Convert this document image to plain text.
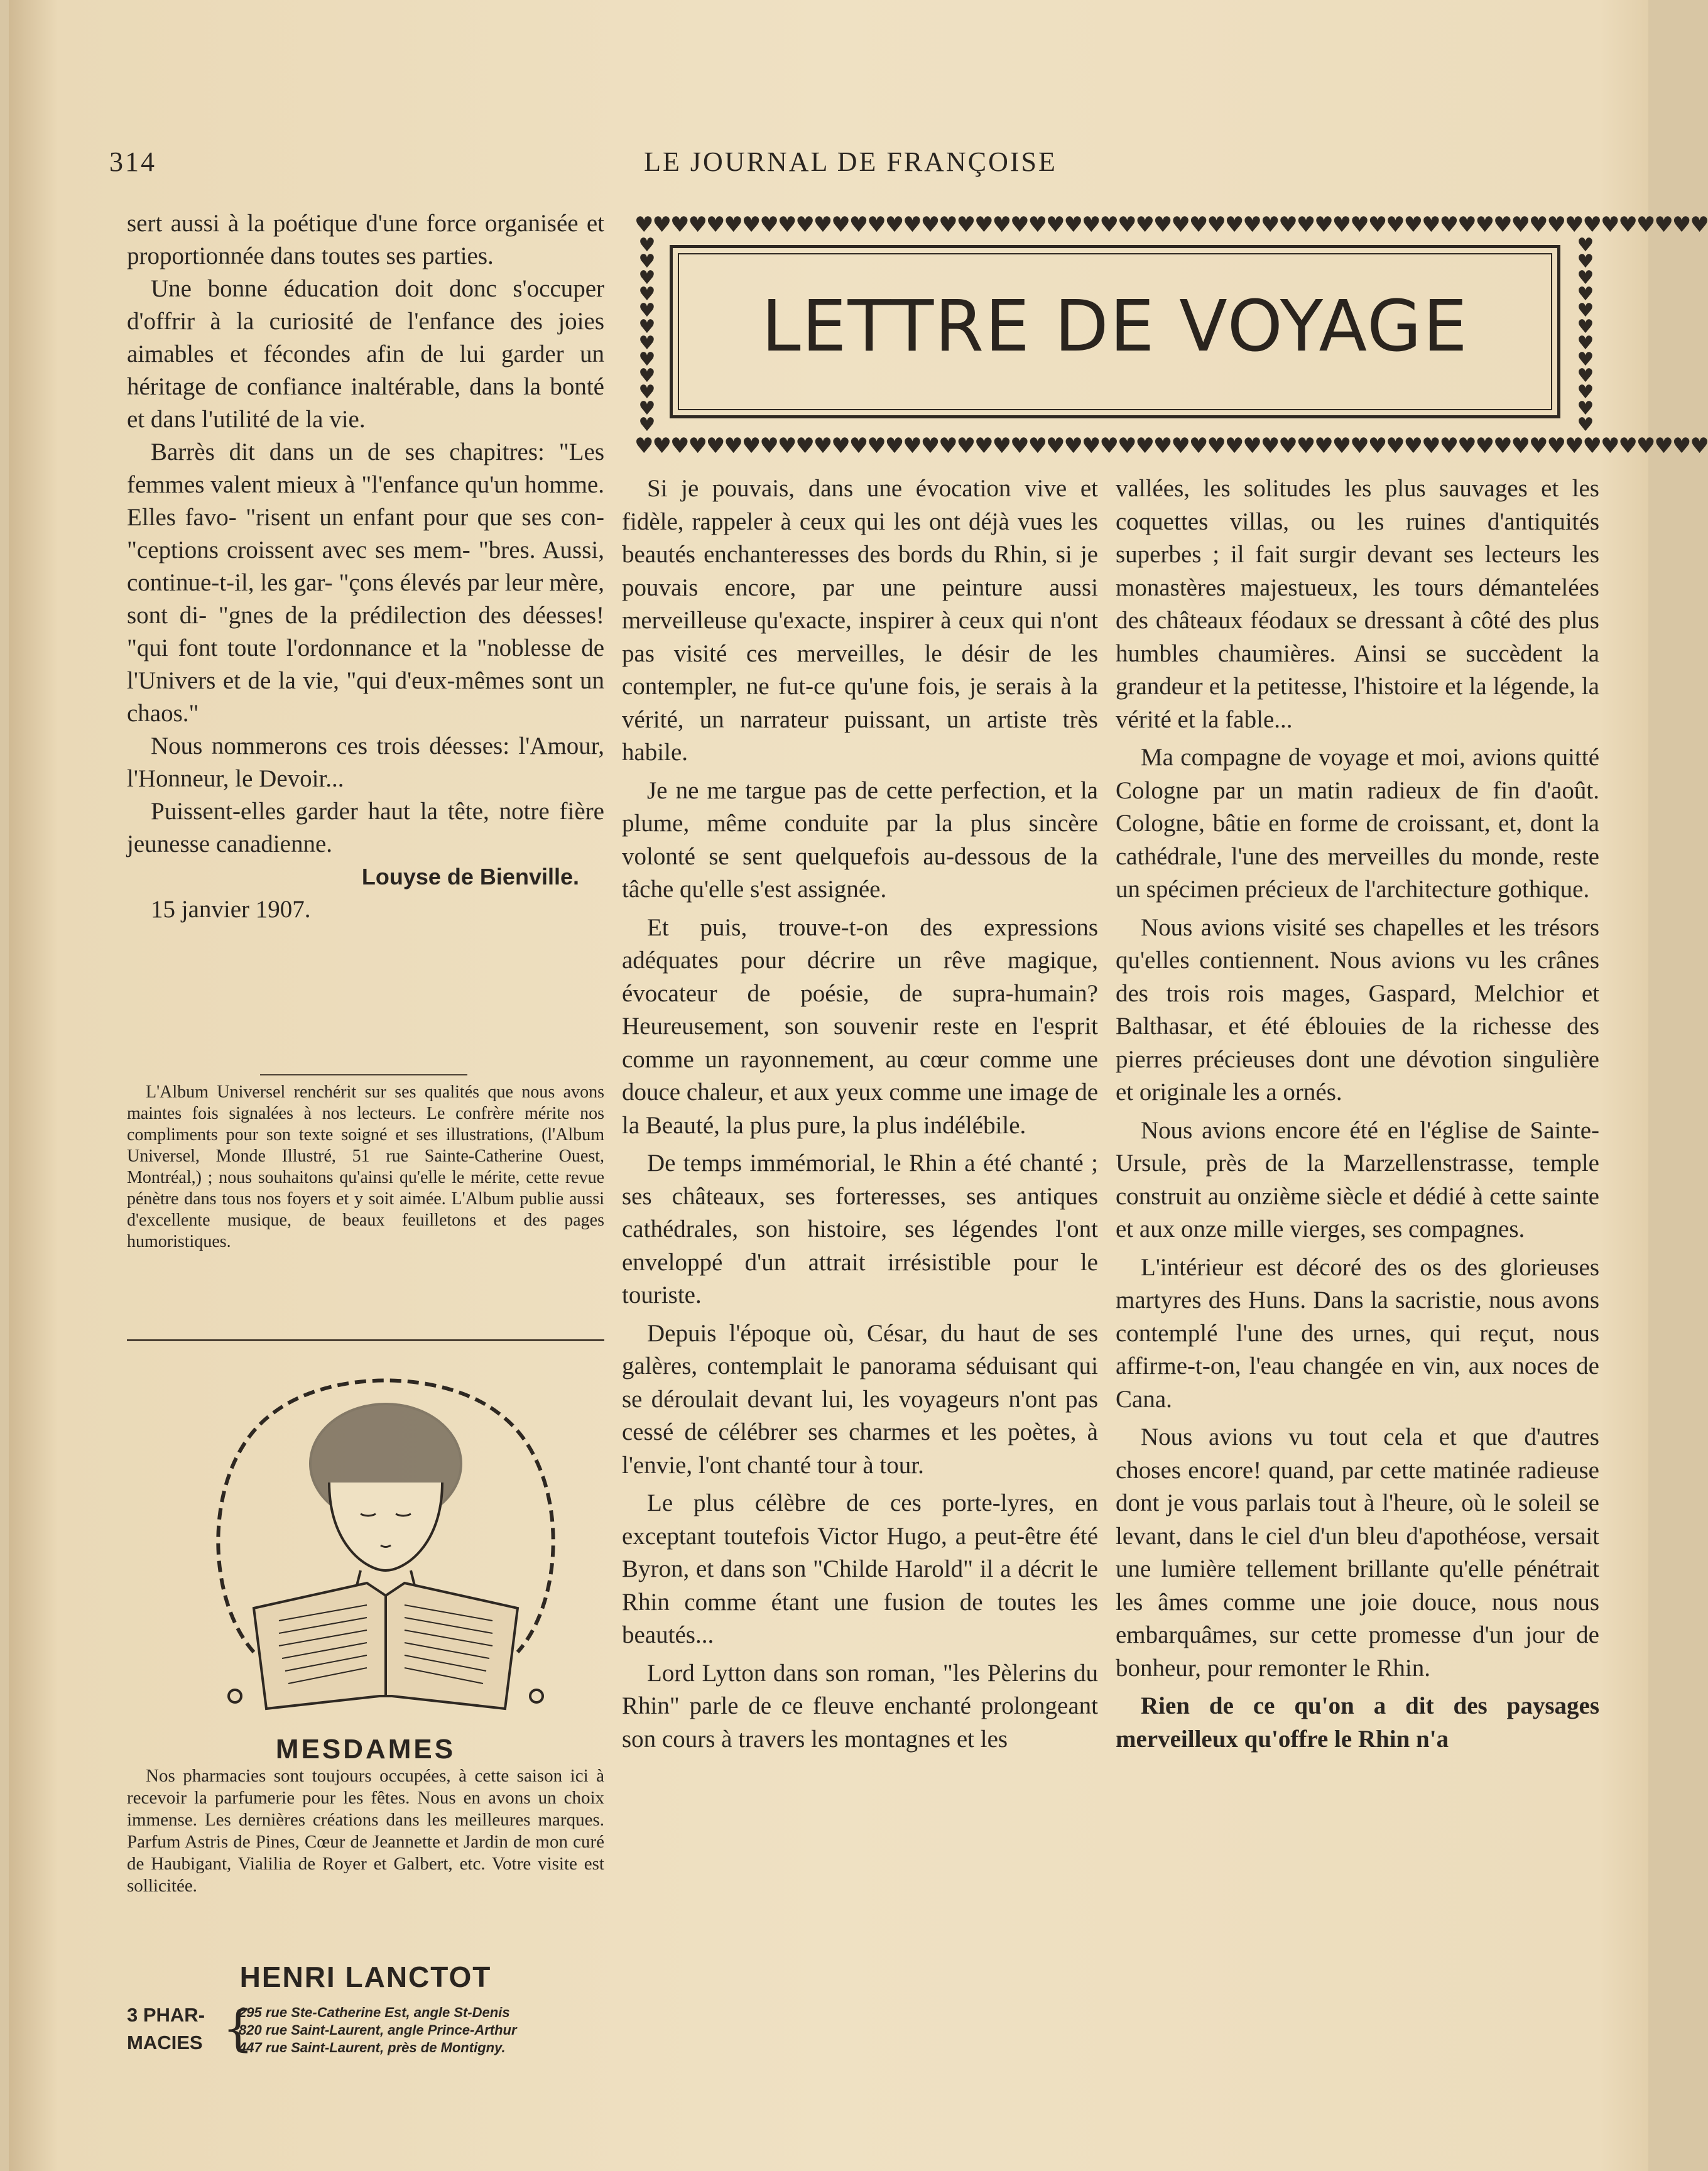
314	LE JOURNAL DE FRANÇOISE

sert aussi à la poétique d'une force organisée et proportionnée dans toutes ses parties.

Une bonne éducation doit donc s'occuper d'offrir à la curiosité de l'enfance des joies aimables et fécondes afin de lui garder un héritage de confiance inaltérable, dans la bonté et dans l'utilité de la vie.

Barrès dit dans un de ses chapitres: "Les femmes valent mieux à "l'enfance qu'un homme. Elles favo- "risent un enfant pour que ses con- "ceptions croissent avec ses mem- "bres. Aussi, continue-t-il, les gar- "çons élevés par leur mère, sont di- "gnes de la prédilection des déesses! "qui font toute l'ordonnance et la "noblesse de l'Univers et de la vie, "qui d'eux-mêmes sont un chaos."

Nous nommerons ces trois déesses: l'Amour, l'Honneur, le Devoir...

Puissent-elles garder haut la tête, notre fière jeunesse canadienne.

Louyse de Bienville.

15 janvier 1907.

L'Album Universel renchérit sur ses qualités que nous avons maintes fois signalées à nos lecteurs. Le confrère mérite nos compliments pour son texte soigné et ses illustrations, (l'Album Universel, Monde Illustré, 51 rue Sainte-Catherine Ouest, Montréal,) ; nous souhaitons qu'ainsi qu'elle le mérite, cette revue pénètre dans tous nos foyers et y soit aimée. L'Album publie aussi d'excellente musique, de beaux feuilletons et des pages humoristiques.

MESDAMES

Nos pharmacies sont toujours occupées, à cette saison ici à recevoir la parfumerie pour les fêtes. Nous en avons un choix immense. Les dernières créations dans les meilleures marques. Parfum Astris de Pines, Cœur de Jeannette et Jardin de mon curé de Haubigant, Vialilia de Royer et Galbert, etc. Votre visite est sollicitée.

HENRI LANCTOT
3 PHAR-
MACIES {
295 rue Ste-Catherine Est, angle St-Denis
820 rue Saint-Laurent, angle Prince-Arthur
447 rue Saint-Laurent, près de Montigny.
♥♥♥♥♥♥♥♥♥♥♥♥♥♥♥♥♥♥♥♥♥♥♥♥♥♥♥♥♥♥♥♥♥♥♥♥♥♥♥♥♥♥♥♥♥♥♥♥♥♥♥♥♥♥♥♥♥♥♥♥
♥
♥
♥
♥
♥
♥
♥
♥
♥
♥
♥
♥
♥
♥
♥
♥
♥
♥
♥
♥
♥
♥
♥
♥
♥♥♥♥♥♥♥♥♥♥♥♥♥♥♥♥♥♥♥♥♥♥♥♥♥♥♥♥♥♥♥♥♥♥♥♥♥♥♥♥♥♥♥♥♥♥♥♥♥♥♥♥♥♥♥♥♥♥♥♥
LETTRE DE VOYAGE

Si je pouvais, dans une évocation vive et fidèle, rappeler à ceux qui les ont déjà vues les beautés enchanteresses des bords du Rhin, si je pouvais encore, par une peinture aussi merveilleuse qu'exacte, inspirer à ceux qui n'ont pas visité ces merveilles, le désir de les contempler, ne fut-ce qu'une fois, je serais à la vérité, un narrateur puissant, un artiste très habile.

Je ne me targue pas de cette perfection, et la plume, même conduite par la plus sincère volonté se sent quelquefois au-dessous de la tâche qu'elle s'est assignée.

Et puis, trouve-t-on des expressions adéquates pour décrire un rêve magique, évocateur de poésie, de supra-humain? Heureusement, son souvenir reste en l'esprit comme un rayonnement, au cœur comme une douce chaleur, et aux yeux comme une image de la Beauté, la plus pure, la plus indélébile.

De temps immémorial, le Rhin a été chanté ; ses châteaux, ses forteresses, ses antiques cathédrales, son histoire, ses légendes l'ont enveloppé d'un attrait irrésistible pour le touriste.

Depuis l'époque où, César, du haut de ses galères, contemplait le panorama séduisant qui se déroulait devant lui, les voyageurs n'ont pas cessé de célébrer ses charmes et les poètes, à l'envie, l'ont chanté tour à tour.

Le plus célèbre de ces porte-lyres, en exceptant toutefois Victor Hugo, a peut-être été Byron, et dans son "Childe Harold" il a décrit le Rhin comme étant une fusion de toutes les beautés...

Lord Lytton dans son roman, "les Pèlerins du Rhin" parle de ce fleuve enchanté prolongeant son cours à travers les montagnes et les

vallées, les solitudes les plus sauvages et les coquettes villas, ou les ruines d'antiquités superbes ; il fait surgir devant ses lecteurs les monastères majestueux, les tours démantelées des châteaux féodaux se dressant à côté des plus humbles chaumières. Ainsi se succèdent la grandeur et la petitesse, l'histoire et la légende, la vérité et la fable...

Ma compagne de voyage et moi, avions quitté Cologne par un matin radieux de fin d'août. Cologne, bâtie en forme de croissant, et, dont la cathédrale, l'une des merveilles du monde, reste un spécimen précieux de l'architecture gothique.

Nous avions visité ses chapelles et les trésors qu'elles contiennent. Nous avions vu les crânes des trois rois mages, Gaspard, Melchior et Balthasar, et été éblouies de la richesse des pierres précieuses dont une dévotion singulière et originale les a ornés.

Nous avions encore été en l'église de Sainte-Ursule, près de la Marzellenstrasse, temple construit au onzième siècle et dédié à cette sainte et aux onze mille vierges, ses compagnes.

L'intérieur est décoré des os des glorieuses martyres des Huns. Dans la sacristie, nous avons contemplé l'une des urnes, qui reçut, nous affirme-t-on, l'eau changée en vin, aux noces de Cana.

Nous avions vu tout cela et que d'autres choses encore! quand, par cette matinée radieuse dont je vous parlais tout à l'heure, où le soleil se levant, dans le ciel d'un bleu d'apothéose, versait une lumière tellement brillante qu'elle pénétrait les âmes comme une joie douce, nous nous embarquâmes, sur cette promesse d'un jour de bonheur, pour remonter le Rhin.

Rien de ce qu'on a dit des paysages merveilleux qu'offre le Rhin n'a
